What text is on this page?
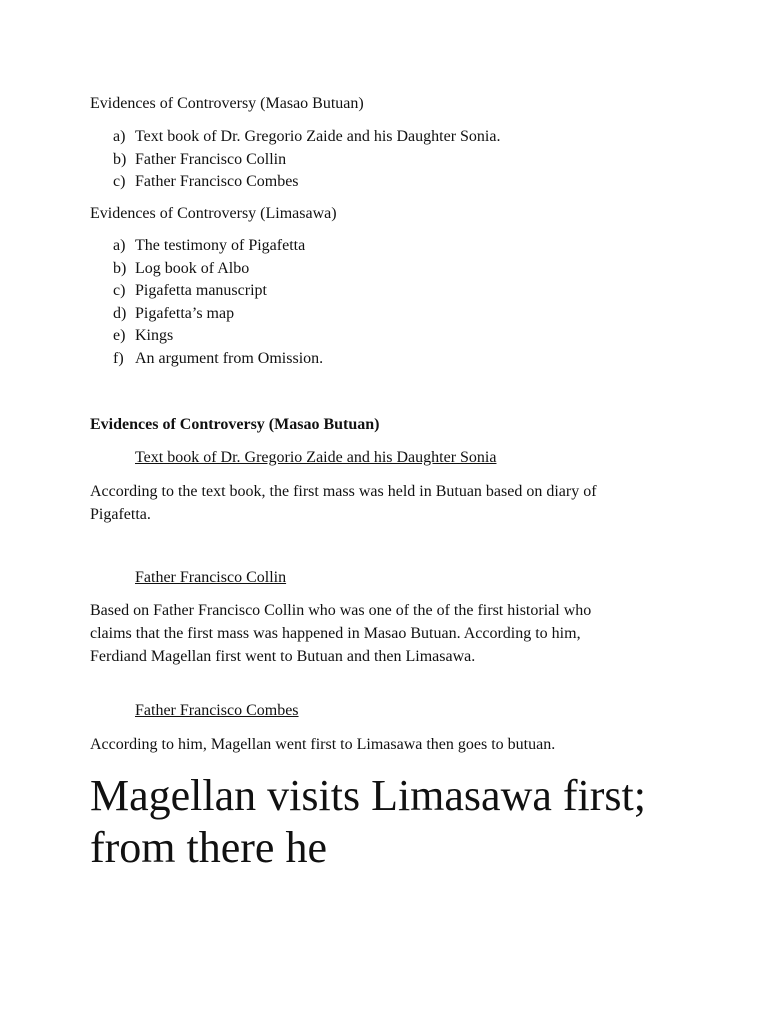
Evidences of Controversy (Masao Butuan)

a) Text book of Dr. Gregorio Zaide and his Daughter Sonia.
b) Father Francisco Collin
c) Father Francisco Combes

Evidences of Controversy (Limasawa)

a) The testimony of Pigafetta
b) Log book of Albo
c) Pigafetta manuscript
d) Pigafetta’s map
e) Kings
f) An argument from Omission.

Evidences of Controversy (Masao Butuan)

Text book of Dr. Gregorio Zaide and his Daughter Sonia

According to the text book, the first mass was held in Butuan based on diary of
Pigafetta.

Father Francisco Collin

Based on Father Francisco Collin who was one of the of the first historial who
claims that the first mass was happened in Masao Butuan. According to him,
Ferdiand Magellan first went to Butuan and then Limasawa.

Father Francisco Combes

According to him, Magellan went first to Limasawa then goes to butuan.
Magellan visits Limasawa first;
from there he
